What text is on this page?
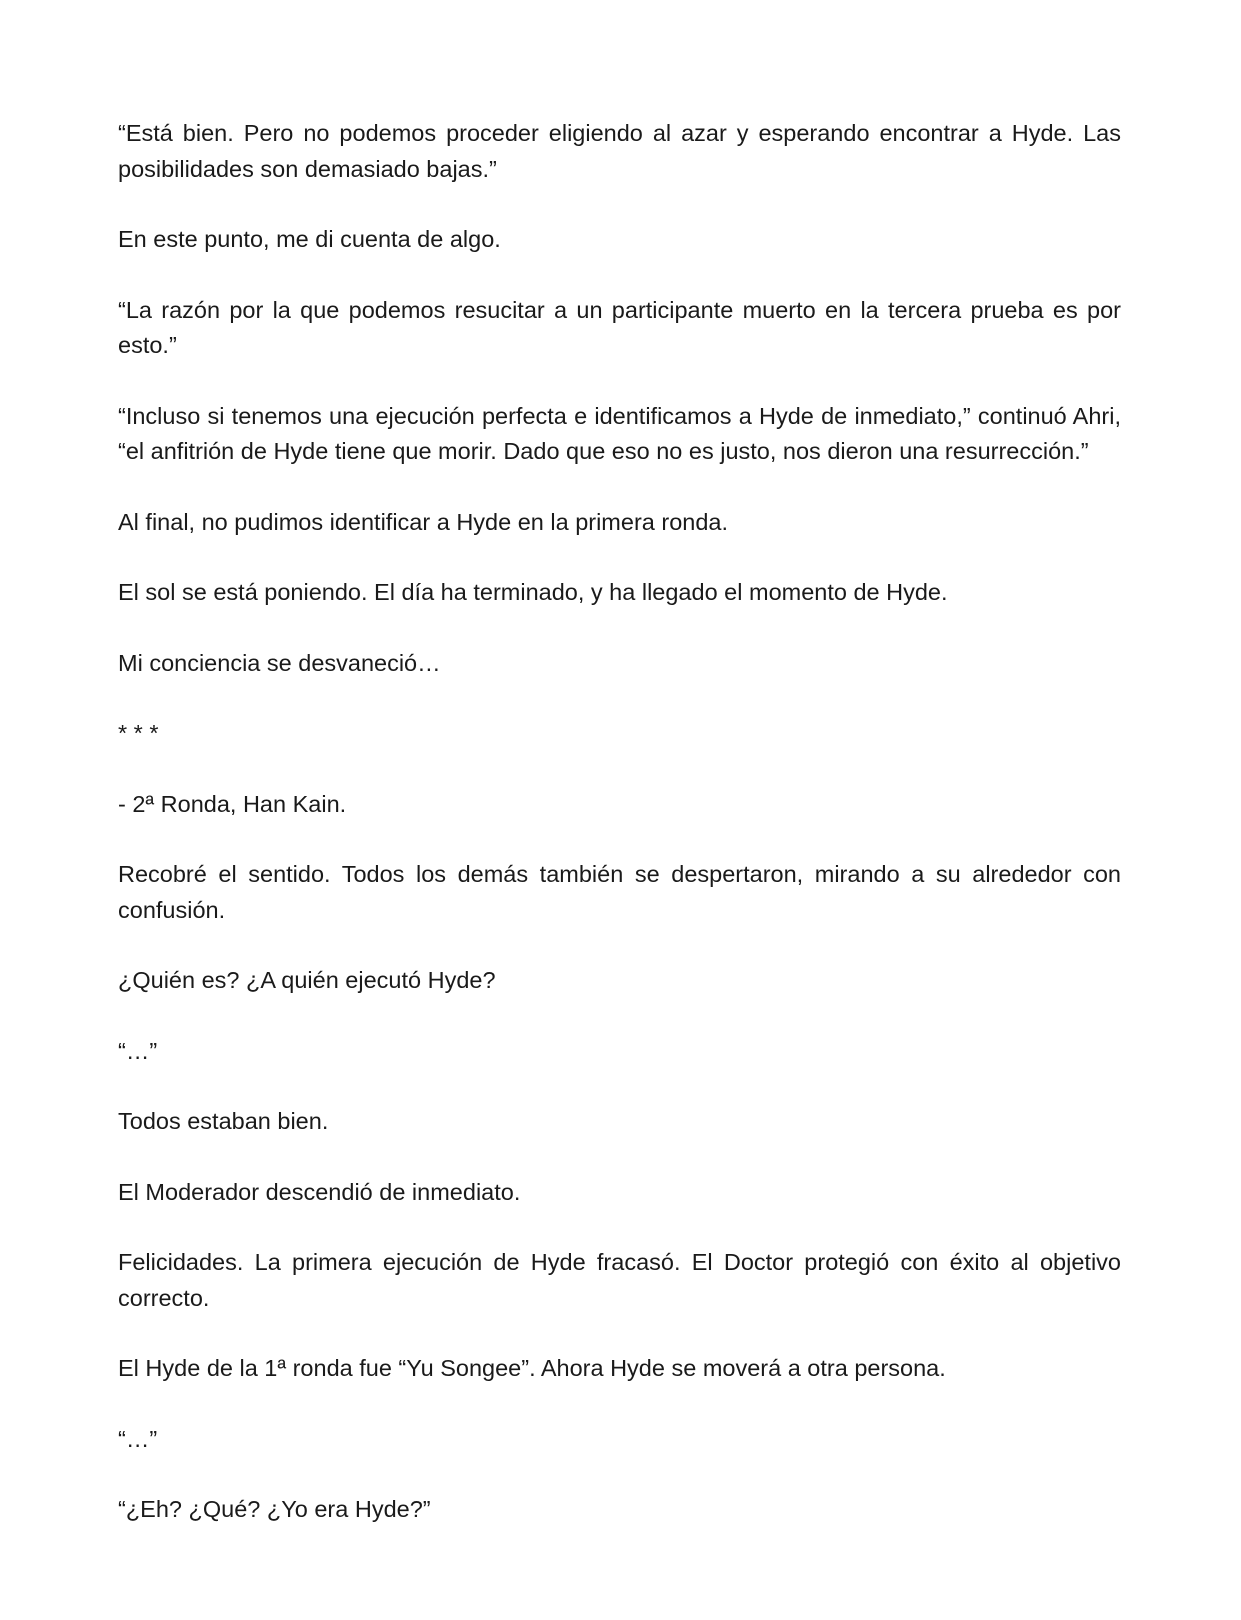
“Está bien. Pero no podemos proceder eligiendo al azar y esperando encontrar a Hyde. Las posibilidades son demasiado bajas.”

En este punto, me di cuenta de algo.

“La razón por la que podemos resucitar a un participante muerto en la tercera prueba es por esto.”

“Incluso si tenemos una ejecución perfecta e identificamos a Hyde de inmediato,” continuó Ahri, “el anfitrión de Hyde tiene que morir. Dado que eso no es justo, nos dieron una resurrección.”

Al final, no pudimos identificar a Hyde en la primera ronda.

El sol se está poniendo. El día ha terminado, y ha llegado el momento de Hyde.

Mi conciencia se desvaneció…

* * *

- 2ª Ronda, Han Kain.

Recobré el sentido. Todos los demás también se despertaron, mirando a su alrededor con confusión.

¿Quién es? ¿A quién ejecutó Hyde?

“…”

Todos estaban bien.

El Moderador descendió de inmediato.

Felicidades. La primera ejecución de Hyde fracasó. El Doctor protegió con éxito al objetivo correcto.

El Hyde de la 1ª ronda fue “Yu Songee”. Ahora Hyde se moverá a otra persona.

“…”

“¿Eh? ¿Qué? ¿Yo era Hyde?”
